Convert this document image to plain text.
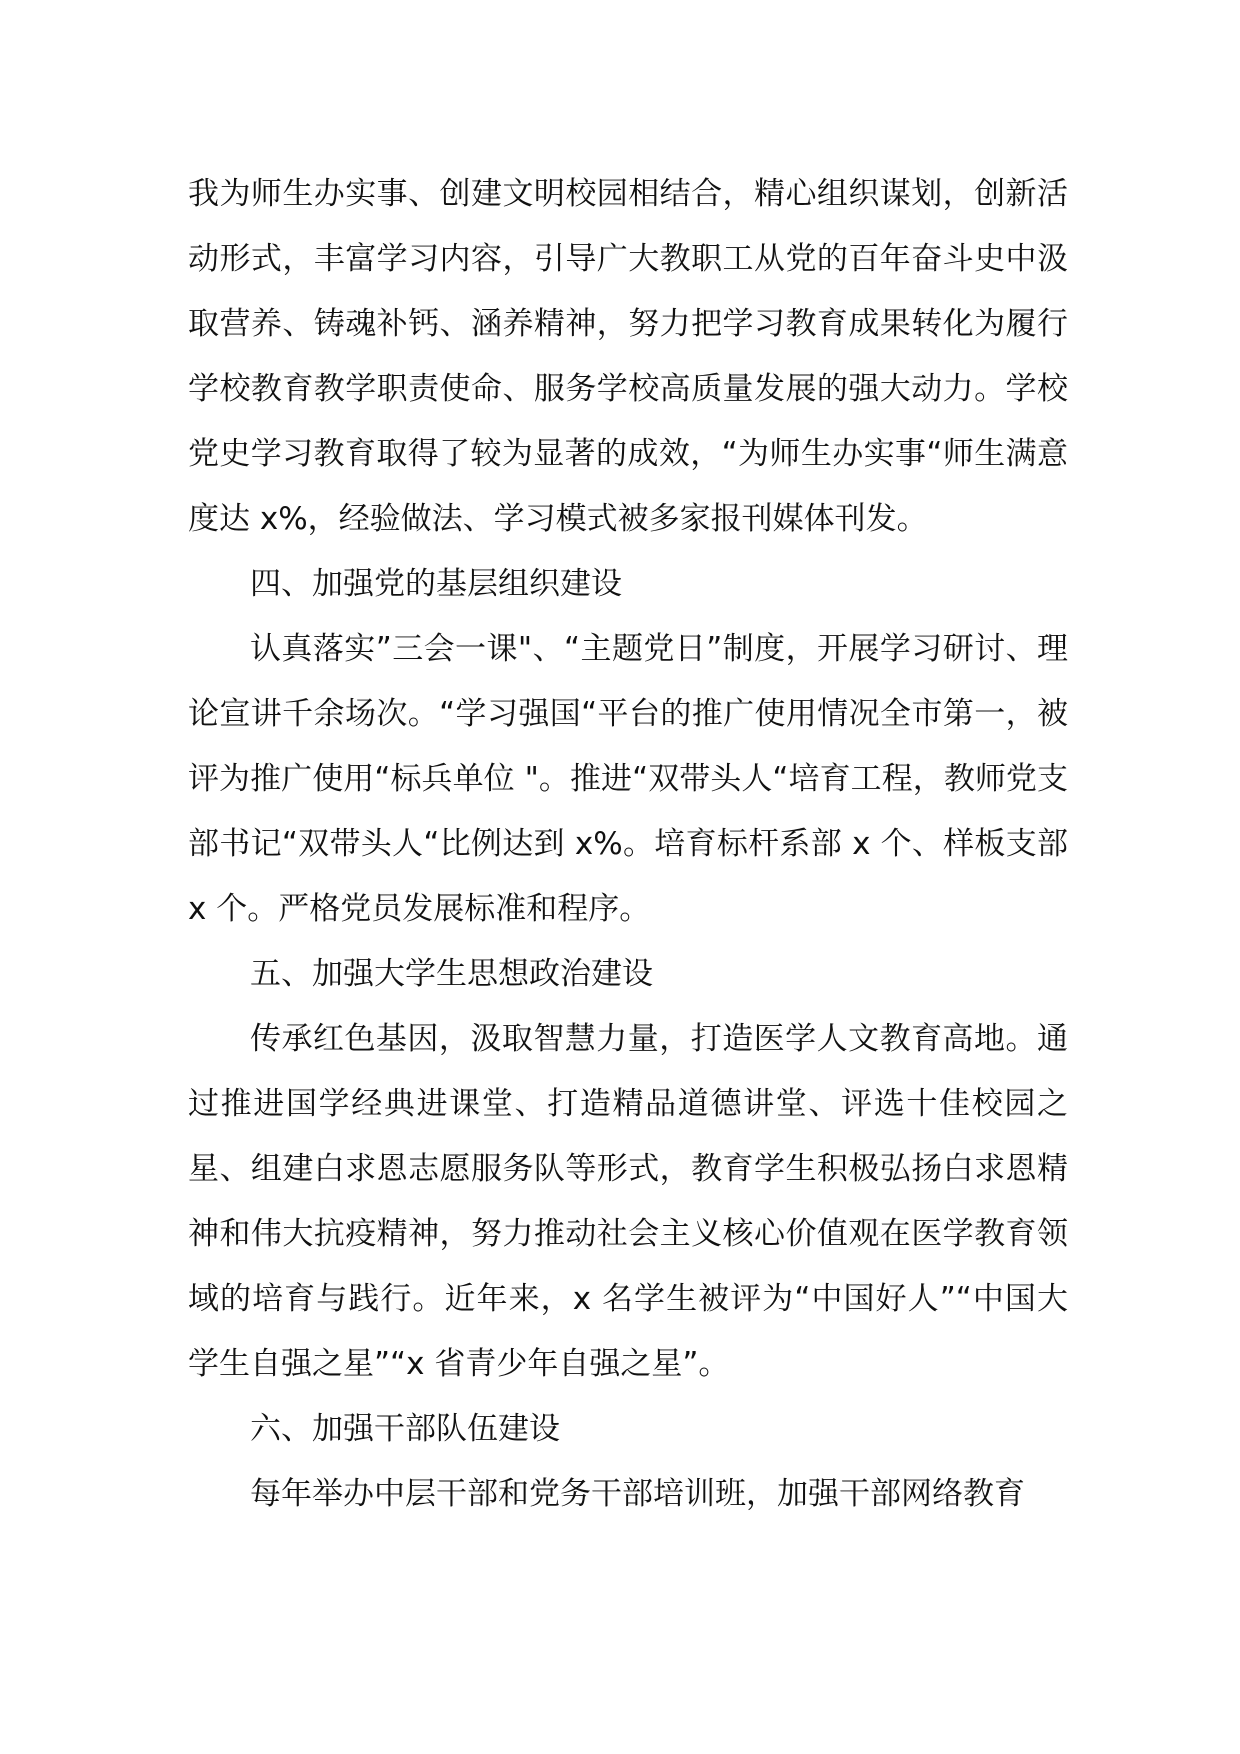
我为师生办实事、创建文明校园相结合，精心组织谋划，创新活动形式，丰富学习内容，引导广大教职工从党的百年奋斗史中汲取营养、铸魂补钙、涵养精神，努力把学习教育成果转化为履行学校教育教学职责使命、服务学校高质量发展的强大动力。学校党史学习教育取得了较为显著的成效，“为师生办实事“师生满意度达 x%，经验做法、学习模式被多家报刊媒体刊发。

四、加强党的基层组织建设

认真落实”三会一课"、“主题党日”制度，开展学习研讨、理论宣讲千余场次。“学习强国“平台的推广使用情况全市第一，被评为推广使用“标兵单位 "。推进“双带头人“培育工程，教师党支部书记“双带头人“比例达到 x%。培育标杆系部 x 个、样板支部 x 个。严格党员发展标准和程序。

五、加强大学生思想政治建设

传承红色基因，汲取智慧力量，打造医学人文教育高地。通过推进国学经典进课堂、打造精品道德讲堂、评选十佳校园之星、组建白求恩志愿服务队等形式，教育学生积极弘扬白求恩精神和伟大抗疫精神，努力推动社会主义核心价值观在医学教育领域的培育与践行。近年来，x 名学生被评为“中国好人”“中国大学生自强之星”“x 省青少年自强之星”。

六、加强干部队伍建设

每年举办中层干部和党务干部培训班，加强干部网络教育
